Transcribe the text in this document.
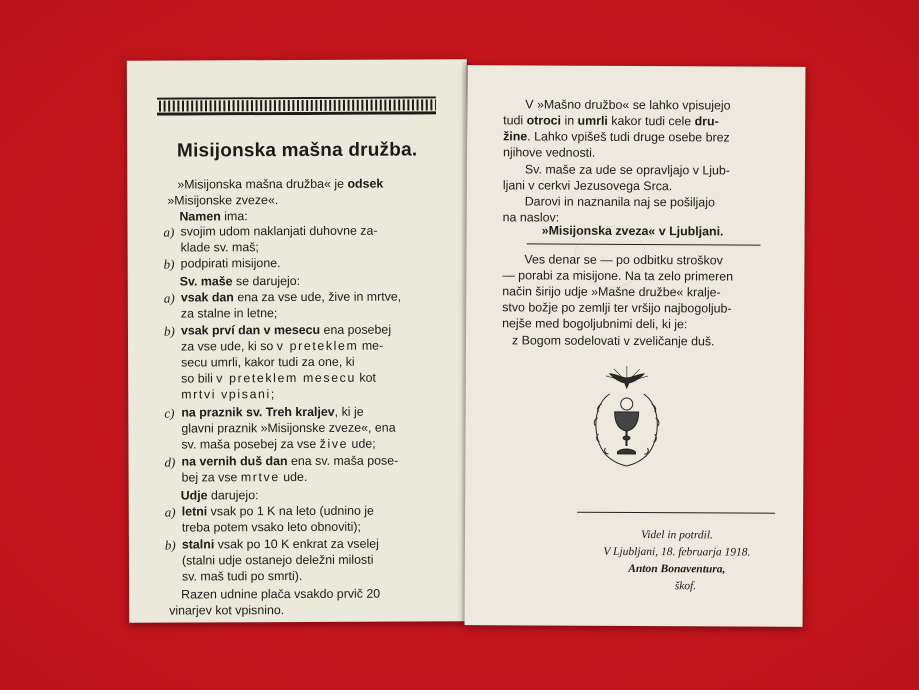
Misijonska mašna družba.
»Misijonska mašna družba« je odsek
»Misijonske zveze«.
Namen ima:
a) svojim udom naklanjati duhovne za-
klade sv. maš;
b) podpirati misijone.
Sv. maše se darujejo:
a) vsak dan ena za vse ude, žive in mrtve,
za stalne in letne;
b) vsak prví dan v mesecu ena posebej
za vse ude, ki so v preteklem me-
secu umrli, kakor tudi za one, ki
so bili v preteklem mesecu kot
mrtvi vpisani;
c) na praznik sv. Treh kraljev, ki je
glavni praznik »Misijonske zveze«, ena
sv. maša posebej za vse žive ude;
d) na vernih duš dan ena sv. maša pose-
bej za vse mrtve ude.
Udje darujejo:
a) letni vsak po 1 K na leto (udnino je
treba potem vsako leto obnoviti);
b) stalni vsak po 10 K enkrat za vselej
(stalni udje ostanejo deležni milosti
sv. maš tudi po smrti).
Razen udnine plača vsakdo prvič 20
vinarjev kot vpisnino.
V »Mašno družbo« se lahko vpisujejo
tudi otroci in umrli kakor tudi cele dru-
žine. Lahko vpišeš tudi druge osebe brez
njihove vednosti.
Sv. maše za ude se opravljajo v Ljub-
ljani v cerkvi Jezusovega Srca.
Darovi in naznanila naj se pošiljajo
na naslov:
»Misijonska zveza« v Ljubljani.
Ves denar se — po odbitku stroškov
— porabi za misijone. Na ta zelo primeren
način širijo udje »Mašne družbe« kralje-
stvo božje po zemlji ter vršijo najbogoljub-
nejše med bogoljubnimi deli, ki je:
z Bogom sodelovati v zveličanje duš.
Videl in potrdil.
V Ljubljani, 18. februarja 1918.
Anton Bonaventura,
škof.
